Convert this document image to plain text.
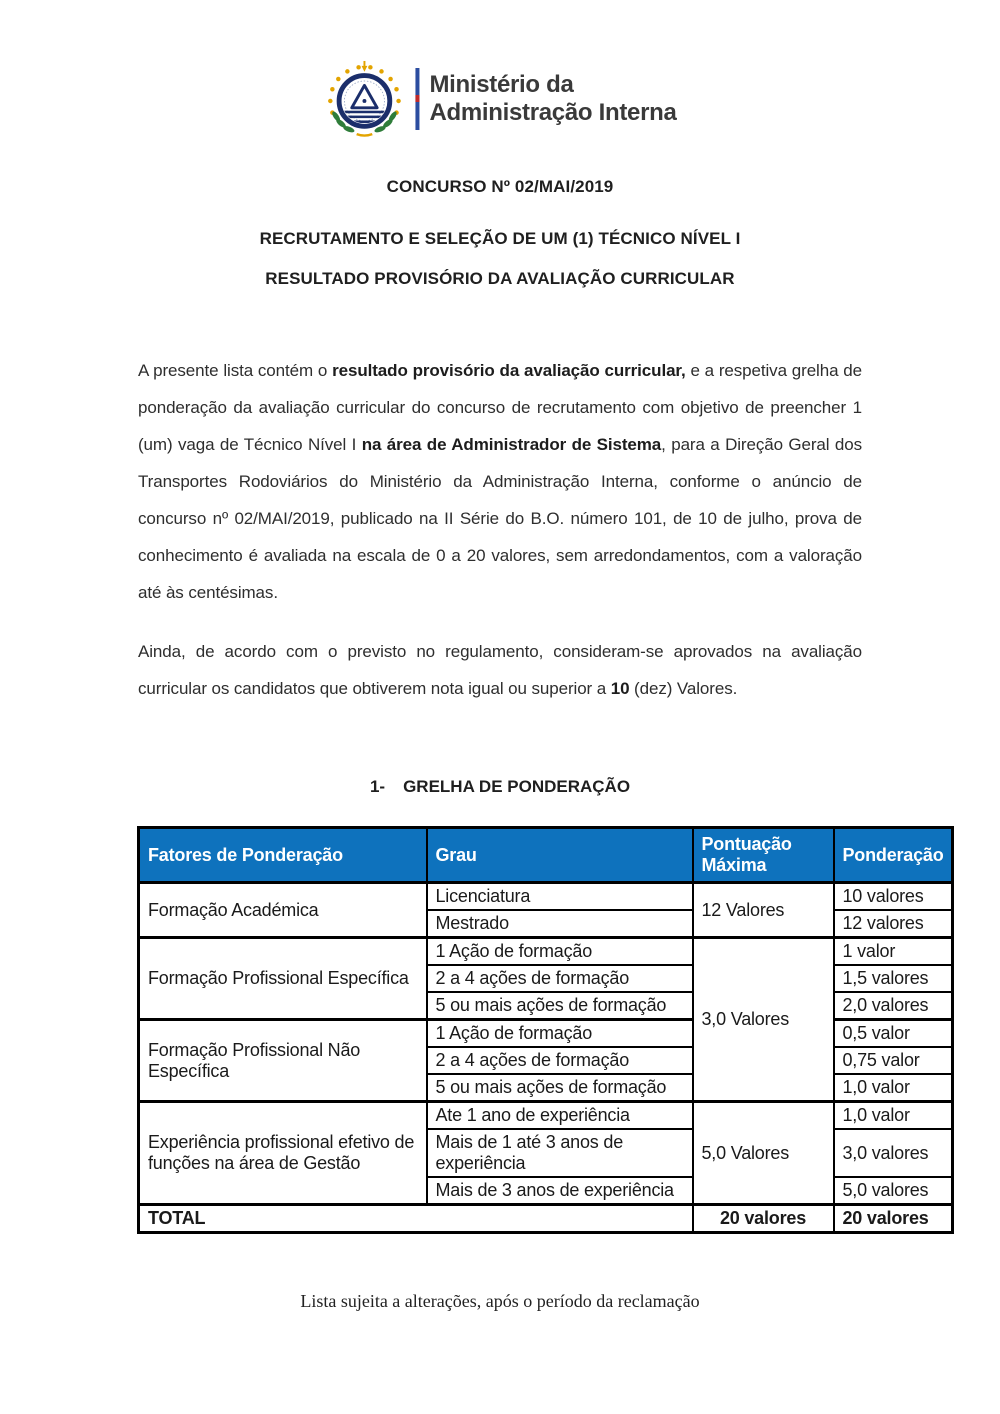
Ministério da
Administração Interna
CONCURSO Nº 02/MAI/2019
RECRUTAMENTO E SELEÇÃO DE UM (1) TÉCNICO NÍVEL I
RESULTADO PROVISÓRIO DA AVALIAÇÃO CURRICULAR

A presente lista contém o resultado provisório da avaliação curricular, e a respetiva grelha de ponderação da avaliação curricular do concurso de recrutamento com objetivo de preencher 1 (um) vaga de Técnico Nível I na área de Administrador de Sistema, para a Direção Geral dos Transportes Rodoviários do Ministério da Administração Interna, conforme o anúncio de concurso nº 02/MAI/2019, publicado na II Série do B.O. número 101, de 10 de julho, prova de conhecimento é avaliada na escala de 0 a 20 valores, sem arredondamentos, com a valoração até às centésimas.

Ainda, de acordo com o previsto no regulamento, consideram-se aprovados na avaliação curricular os candidatos que obtiverem nota igual ou superior a 10 (dez) Valores.

1- GRELHA DE PONDERAÇÃO
Fatores de Ponderação	Grau	Pontuação Máxima	Ponderação
Formação Académica	Licenciatura	12 Valores	10 valores
	Mestrado		12 valores
Formação Profissional Específica	1 Ação de formação	3,0 Valores	1 valor
	2 a 4 ações de formação		1,5 valores
	5 ou mais ações de formação		2,0 valores
Formação Profissional Não Específica	1 Ação de formação		0,5 valor
	2 a 4 ações de formação		0,75 valor
	5 ou mais ações de formação		1,0 valor
Experiência profissional efetivo de funções na área de Gestão	Ate 1 ano de experiência	5,0 Valores	1,0 valor
	Mais de 1 até 3 anos de experiência		3,0 valores
	Mais de 3 anos de experiência		5,0 valores
TOTAL		20 valores	20 valores
Lista sujeita a alterações, após o período da reclamação
